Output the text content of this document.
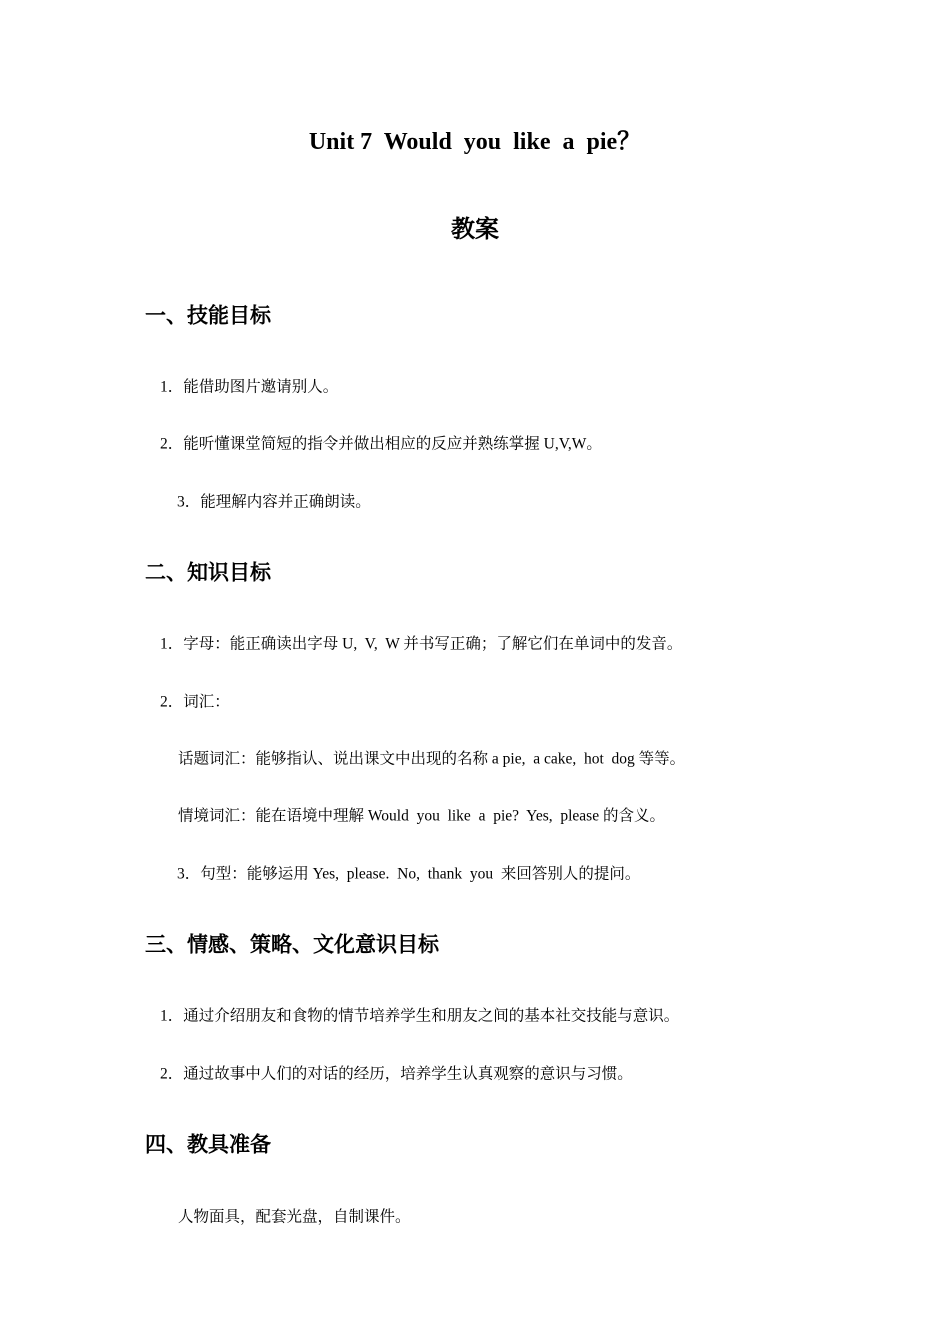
Unit 7  Would  you  like  a  pie？
教案
一、技能目标
1．能借助图片邀请别人。
2．能听懂课堂简短的指令并做出相应的反应并熟练掌握 U,V,W。
3．能理解内容并正确朗读。
二、知识目标
1．字母：能正确读出字母 U,  V,  W 并书写正确；了解它们在单词中的发音。
2．词汇：
话题词汇：能够指认、说出课文中出现的名称 a pie,  a cake,  hot  dog 等等。
情境词汇：能在语境中理解 Would  you  like  a  pie?  Yes,  please 的含义。
3．句型：能够运用 Yes,  please.  No,  thank  you  来回答别人的提问。
三、情感、策略、文化意识目标
1．通过介绍朋友和食物的情节培养学生和朋友之间的基本社交技能与意识。
2．通过故事中人们的对话的经历，培养学生认真观察的意识与习惯。
四、教具准备
人物面具，配套光盘，自制课件。
